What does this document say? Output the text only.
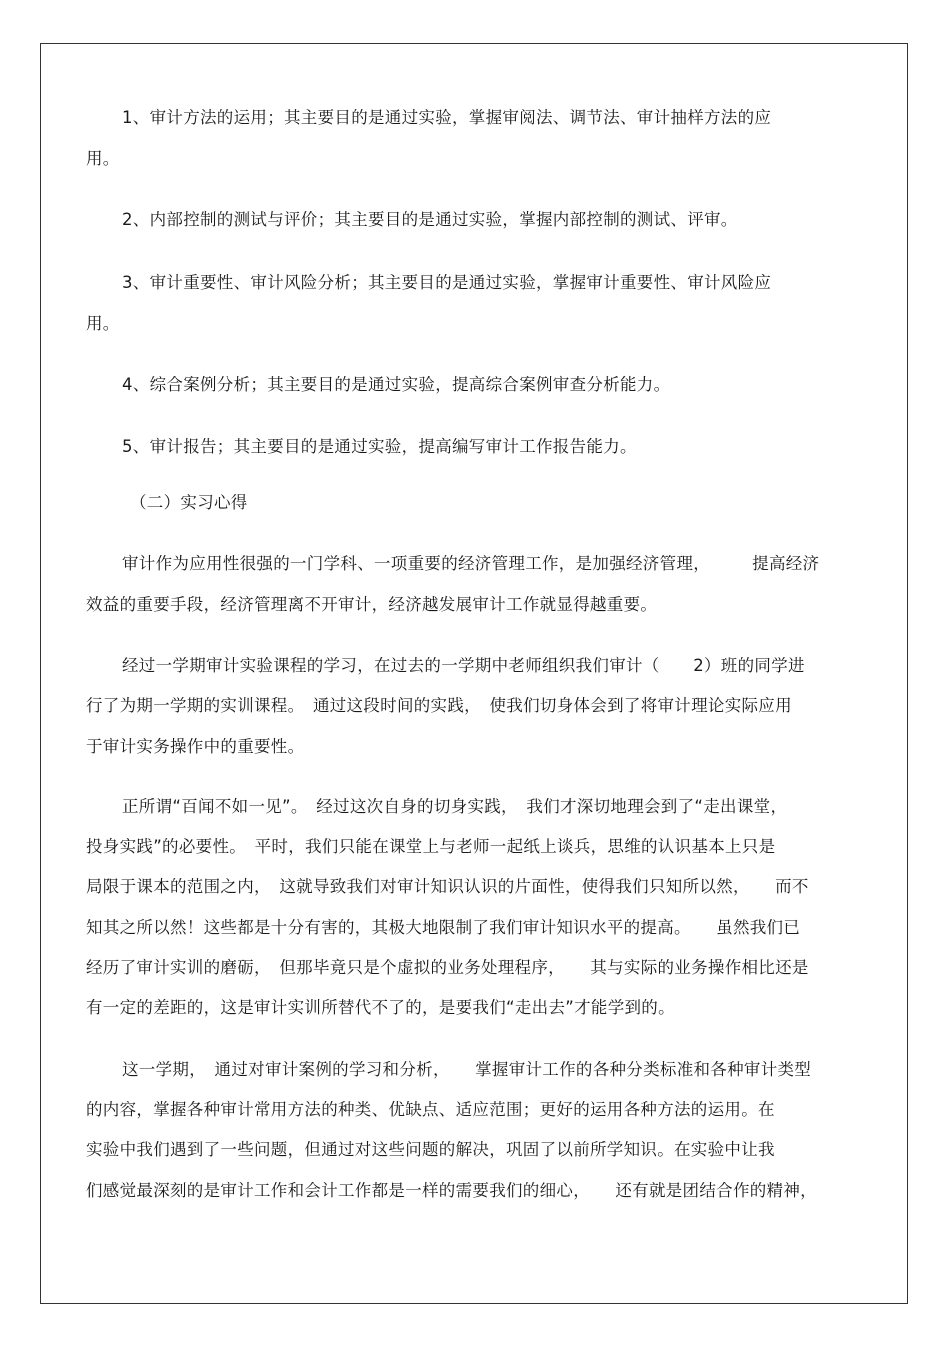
1、审计方法的运用；其主要目的是通过实验，掌握审阅法、调节法、审计抽样方法的应
用。
2、内部控制的测试与评价；其主要目的是通过实验，掌握内部控制的测试、评审。
3、审计重要性、审计风险分析；其主要目的是通过实验，掌握审计重要性、审计风险应
用。
4、综合案例分析；其主要目的是通过实验，提高综合案例审查分析能力。
5、审计报告；其主要目的是通过实验，提高编写审计工作报告能力。
（二）实习心得
审计作为应用性很强的一门学科、一项重要的经济管理工作，是加强经济管理，　　　提高经济
效益的重要手段，经济管理离不开审计，经济越发展审计工作就显得越重要。
经过一学期审计实验课程的学习，在过去的一学期中老师组织我们审计（　　2）班的同学进
行了为期一学期的实训课程。　通过这段时间的实践，　使我们切身体会到了将审计理论实际应用
于审计实务操作中的重要性。
正所谓“百闻不如一见”。　经过这次自身的切身实践，　我们才深切地理会到了“走出课堂，
投身实践”的必要性。　平时，我们只能在课堂上与老师一起纸上谈兵，思维的认识基本上只是
局限于课本的范围之内，　这就导致我们对审计知识认识的片面性，使得我们只知所以然，　　而不
知其之所以然！这些都是十分有害的，其极大地限制了我们审计知识水平的提高。　　虽然我们已
经历了审计实训的磨砺，　但那毕竟只是个虚拟的业务处理程序，　　其与实际的业务操作相比还是
有一定的差距的，这是审计实训所替代不了的，是要我们“走出去”才能学到的。
这一学期，　通过对审计案例的学习和分析，　　掌握审计工作的各种分类标准和各种审计类型
的内容，掌握各种审计常用方法的种类、优缺点、适应范围；更好的运用各种方法的运用。在
实验中我们遇到了一些问题，但通过对这些问题的解决，巩固了以前所学知识。在实验中让我
们感觉最深刻的是审计工作和会计工作都是一样的需要我们的细心，　　还有就是团结合作的精神，
